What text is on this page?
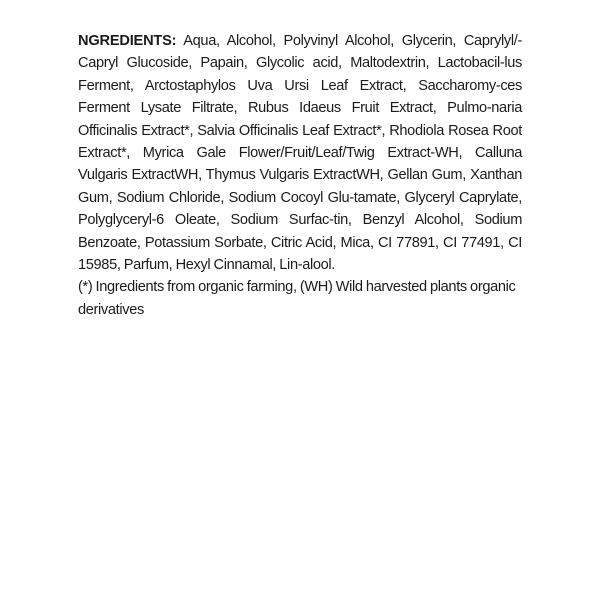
NGREDIENTS: Aqua, Alcohol, Polyvinyl Alcohol, Glycerin, Caprylyl/-Capryl Glucoside, Papain, Glycolic acid, Maltodextrin, Lactobacil-lus Ferment, Arctostaphylos Uva Ursi Leaf Extract, Saccharomy-ces Ferment Lysate Filtrate, Rubus Idaeus Fruit Extract, Pulmo-naria Officinalis Extract*, Salvia Officinalis Leaf Extract*, Rhodiola Rosea Root Extract*, Myrica Gale Flower/Fruit/Leaf/Twig Extract-WH, Calluna Vulgaris ExtractWH, Thymus Vulgaris ExtractWH, Gellan Gum, Xanthan Gum, Sodium Chloride, Sodium Cocoyl Glu-tamate, Glyceryl Caprylate, Polyglyceryl-6 Oleate, Sodium Surfac-tin, Benzyl Alcohol, Sodium Benzoate, Potassium Sorbate, Citric Acid, Mica, CI 77891, CI 77491, CI 15985, Parfum, Hexyl Cinnamal, Lin-alool.

(*) Ingredients from organic farming, (WH) Wild harvested plants organic derivatives
